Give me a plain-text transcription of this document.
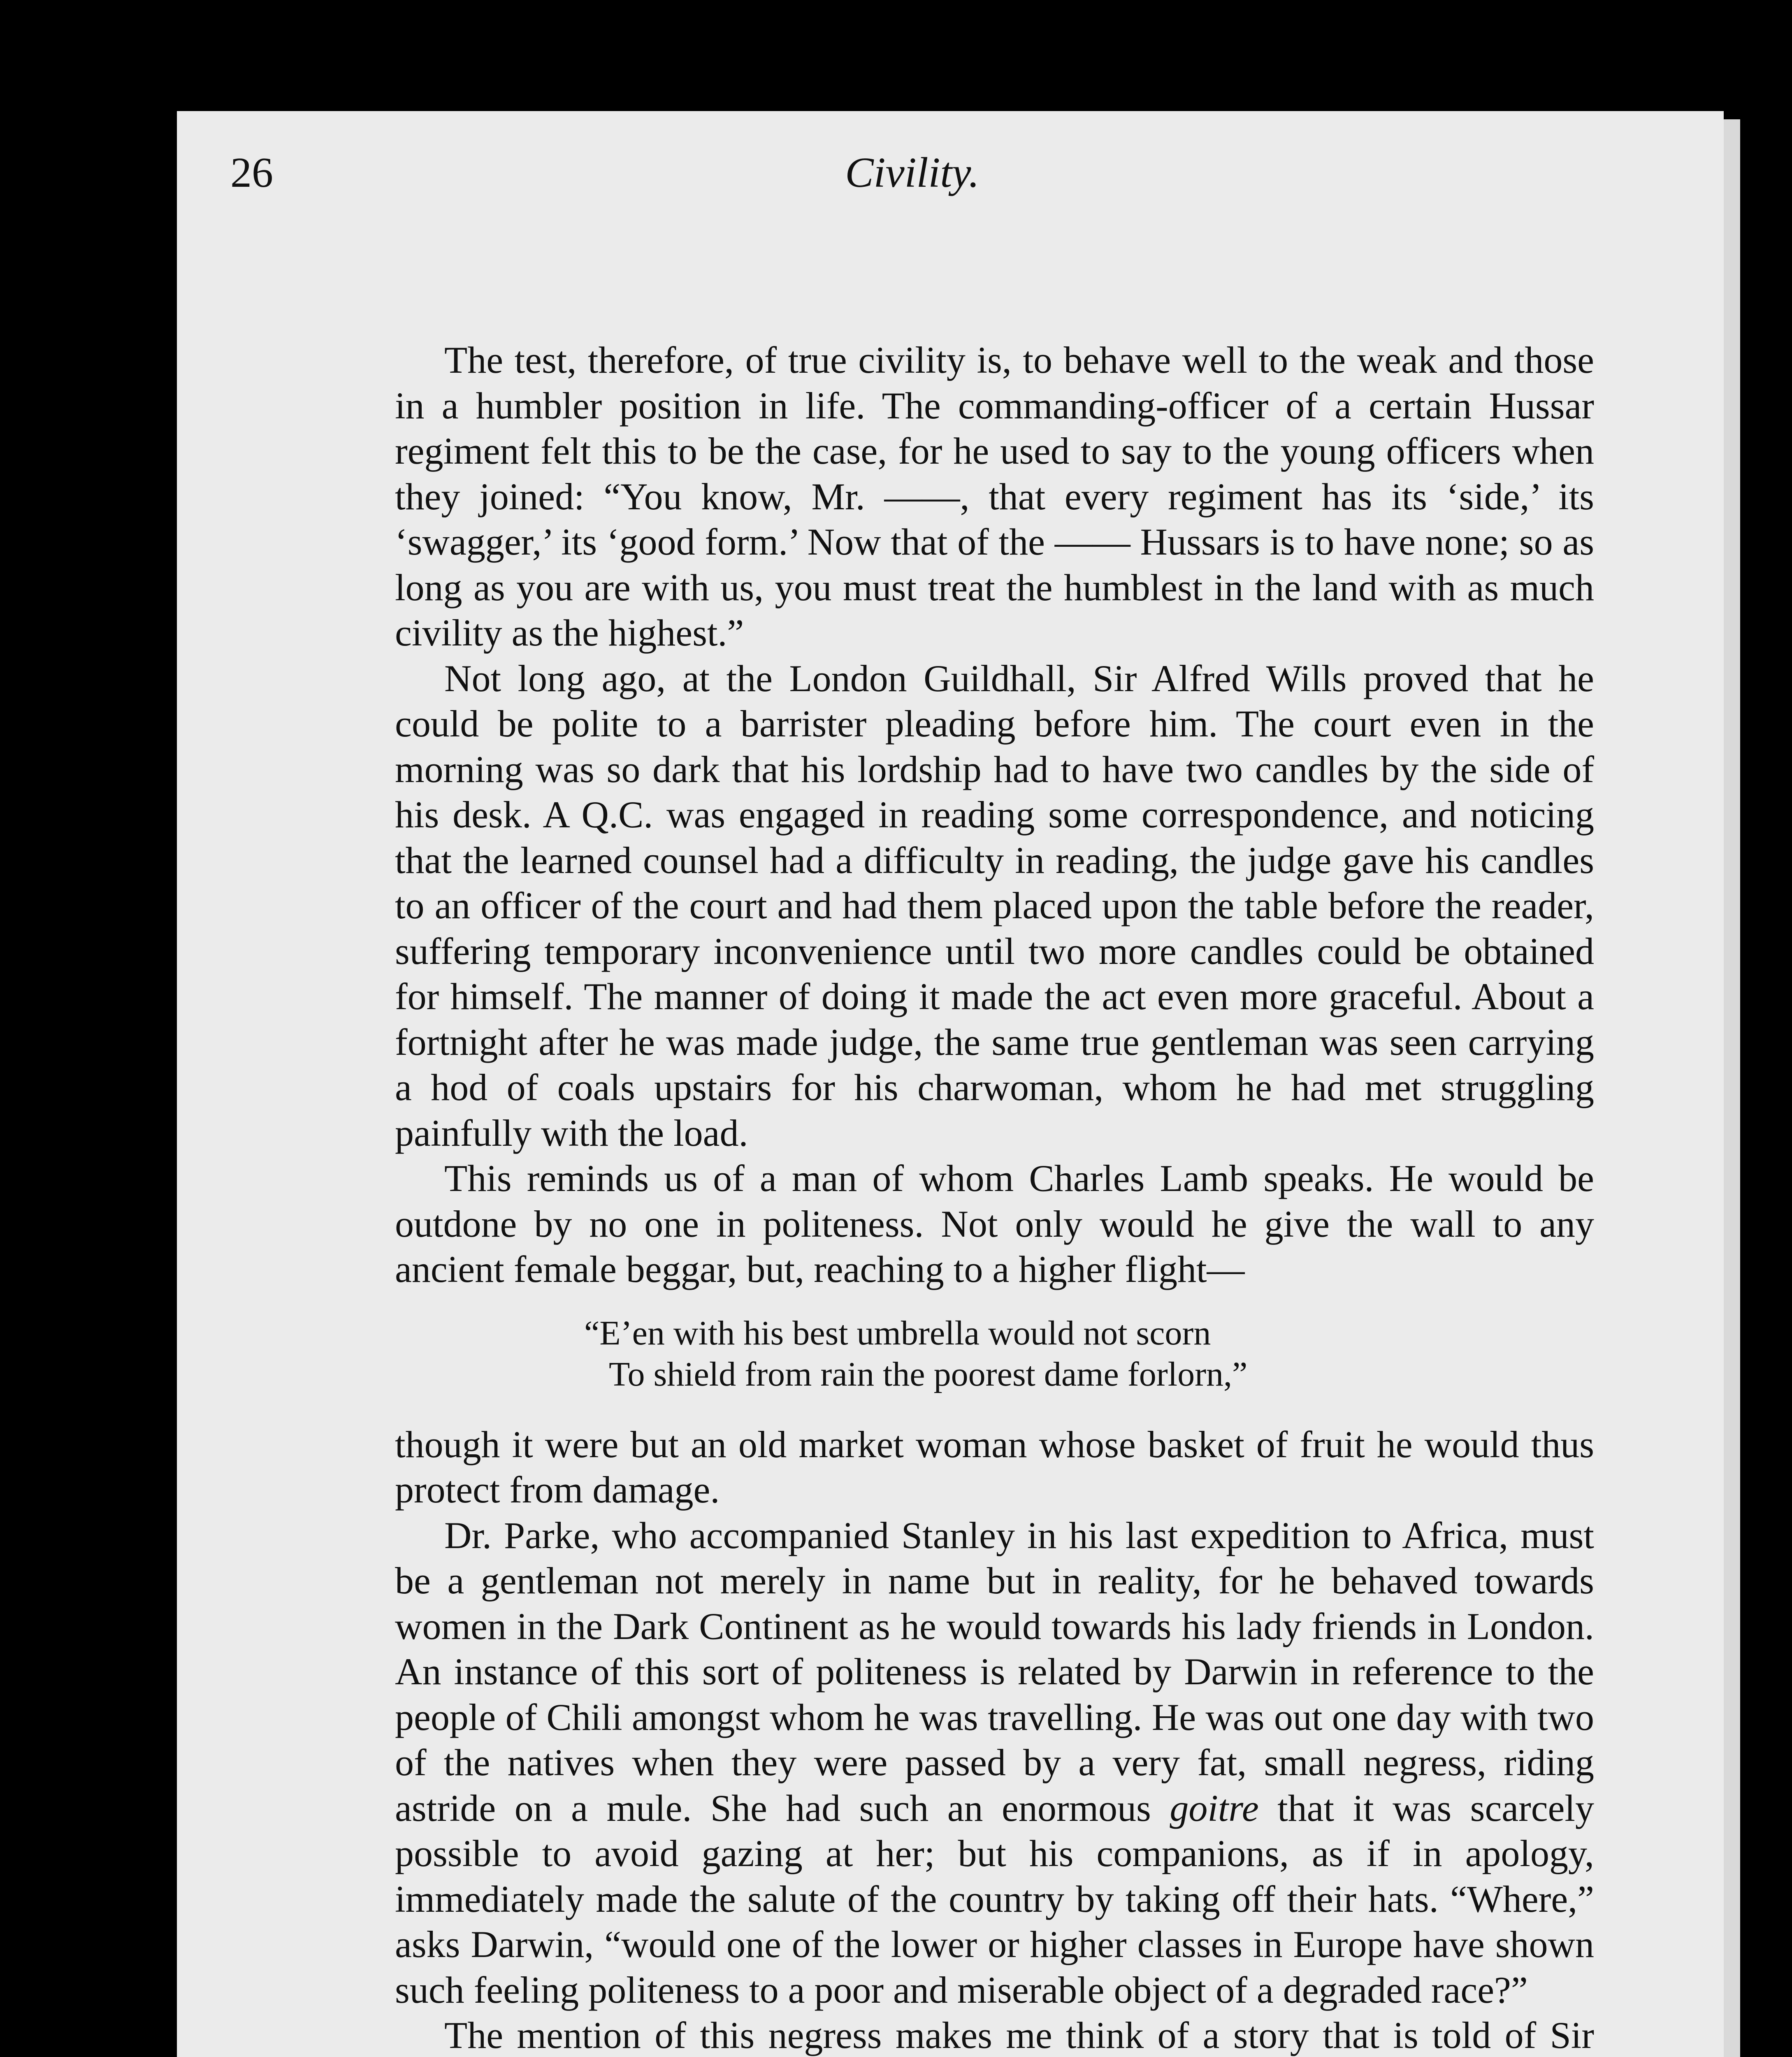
26	Civility.

The test, therefore, of true civility is, to behave well to the weak and those in a humbler position in life. The commanding-officer of a certain Hussar regiment felt this to be the case, for he used to say to the young officers when they joined: “You know, Mr. ——, that every regiment has its ‘side,’ its ‘swagger,’ its ‘good form.’ Now that of the —— Hussars is to have none; so as long as you are with us, you must treat the humblest in the land with as much civility as the highest.”

Not long ago, at the London Guildhall, Sir Alfred Wills proved that he could be polite to a barrister pleading before him. The court even in the morning was so dark that his lordship had to have two candles by the side of his desk. A Q.C. was engaged in reading some correspondence, and noticing that the learned counsel had a difficulty in reading, the judge gave his candles to an officer of the court and had them placed upon the table before the reader, suffering temporary inconvenience until two more candles could be obtained for himself. The manner of doing it made the act even more graceful. About a fortnight after he was made judge, the same true gentleman was seen carrying a hod of coals upstairs for his charwoman, whom he had met struggling painfully with the load.

This reminds us of a man of whom Charles Lamb speaks. He would be outdone by no one in politeness. Not only would he give the wall to any ancient female beggar, but, reaching to a higher flight—

“E’en with his best umbrella would not scorn
To shield from rain the poorest dame forlorn,”

though it were but an old market woman whose basket of fruit he would thus protect from damage.

Dr. Parke, who accompanied Stanley in his last expedition to Africa, must be a gentleman not merely in name but in reality, for he behaved towards women in the Dark Continent as he would towards his lady friends in London. An instance of this sort of politeness is related by Darwin in reference to the people of Chili amongst whom he was travelling. He was out one day with two of the natives when they were passed by a very fat, small negress, riding astride on a mule. She had such an enormous goitre that it was scarcely possible to avoid gazing at her; but his companions, as if in apology, immediately made the salute of the country by taking off their hats. “Where,” asks Darwin, “would one of the lower or higher classes in Europe have shown such feeling politeness to a poor and miserable object of a degraded race?”

The mention of this negress makes me think of a story that is told of Sir
